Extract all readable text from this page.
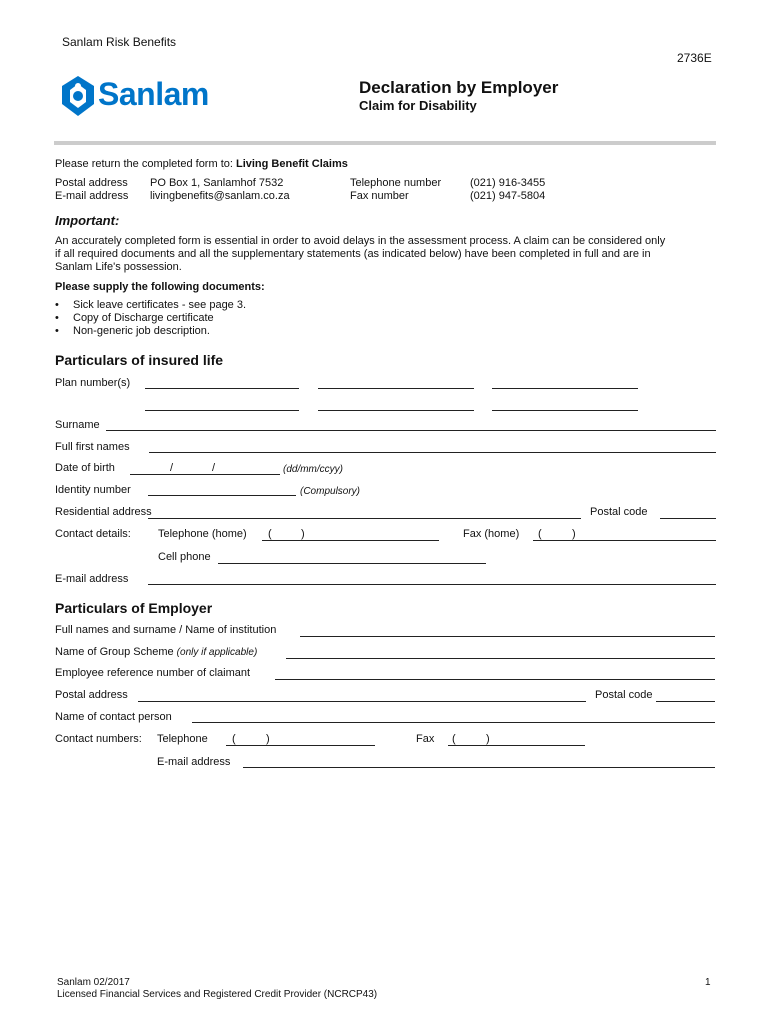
Sanlam Risk Benefits
2736E
Sanlam	Declaration by Employer
Claim for Disability
Please return the completed form to: Living Benefit Claims
Postal address PO Box 1, Sanlamhof 7532	Telephone number	(021) 916-3455
E-mail address livingbenefits@sanlam.co.za	Fax number	(021) 947-5804
Important:
An accurately completed form is essential in order to avoid delays in the assessment process. A claim can be considered only
if all required documents and all the supplementary statements (as indicated below) have been completed in full and are in
Sanlam Life's possession.
Please supply the following documents:
• Sick leave certificates - see page 3.
• Copy of Discharge certificate
• Non-generic job description.
Particulars of insured life
Plan number(s)
Surname
Full first names
Date of birth	/	/	(dd/mm/ccyy)
Identity number	(Compulsory)
Residential address	Postal code
Contact details: Telephone (home) (	)	Fax (home) (	)
Cell phone
E-mail address
Particulars of Employer
Full names and surname / Name of institution
Name of Group Scheme (only if applicable)
Employee reference number of claimant
Postal address	Postal code
Name of contact person
Contact numbers: Telephone (	)	Fax (	)
E-mail address
Sanlam 02/2017
Licensed Financial Services and Registered Credit Provider (NCRCP43)
1
